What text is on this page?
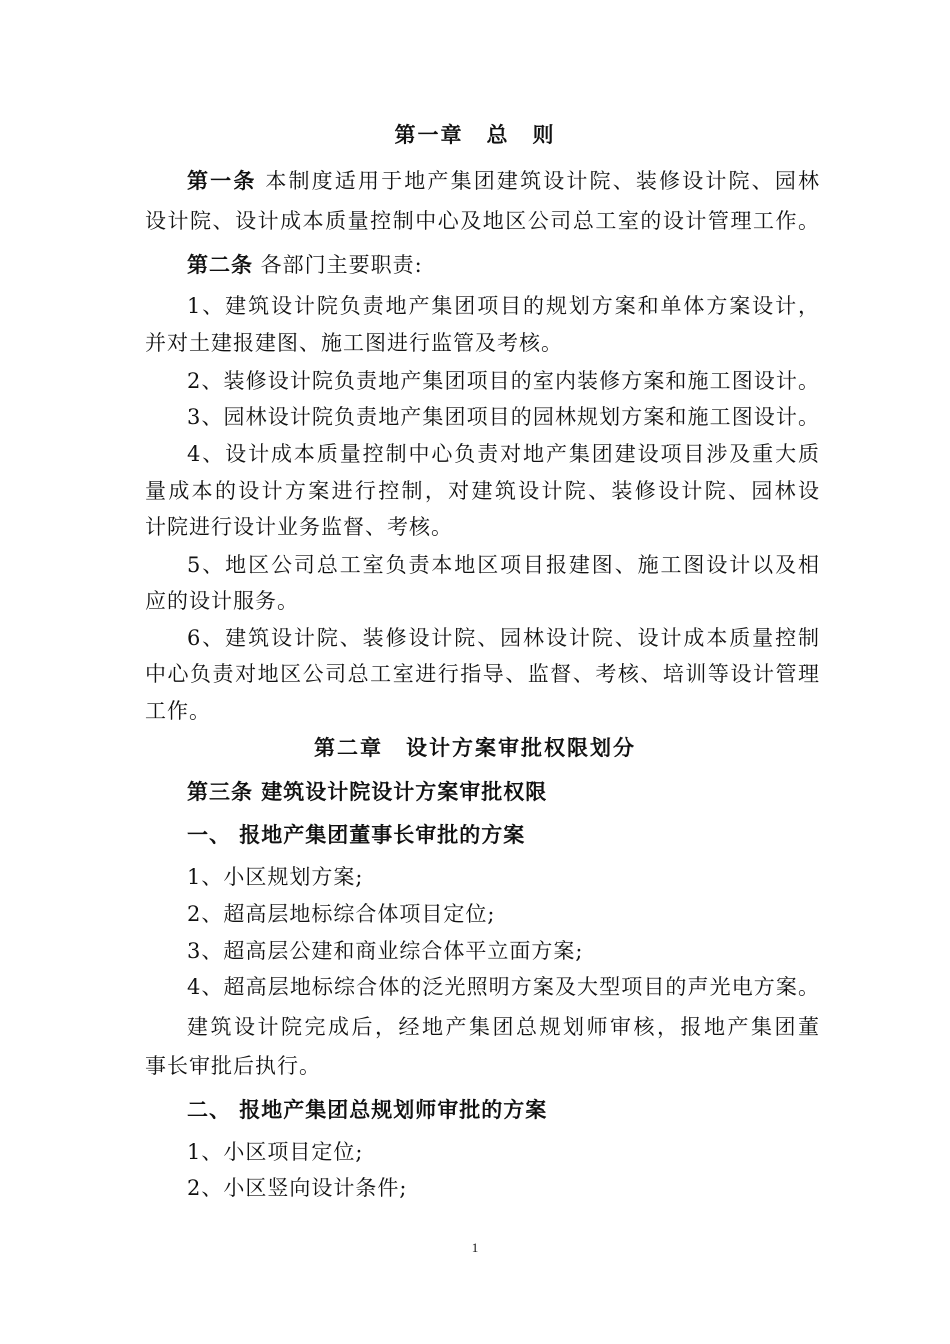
第一章　总　则
第一条 本制度适用于地产集团建筑设计院、装修设计院、园林
设计院、设计成本质量控制中心及地区公司总工室的设计管理工作。
第二条 各部门主要职责:
1、建筑设计院负责地产集团项目的规划方案和单体方案设计，
并对土建报建图、施工图进行监管及考核。
2、装修设计院负责地产集团项目的室内装修方案和施工图设计。
3、园林设计院负责地产集团项目的园林规划方案和施工图设计。
4、设计成本质量控制中心负责对地产集团建设项目涉及重大质
量成本的设计方案进行控制，对建筑设计院、装修设计院、园林设
计院进行设计业务监督、考核。
5、地区公司总工室负责本地区项目报建图、施工图设计以及相
应的设计服务。
6、建筑设计院、装修设计院、园林设计院、设计成本质量控制
中心负责对地区公司总工室进行指导、监督、考核、培训等设计管理
工作。
第二章　设计方案审批权限划分
第三条 建筑设计院设计方案审批权限
一、 报地产集团董事长审批的方案
1、小区规划方案;
2、超高层地标综合体项目定位;
3、超高层公建和商业综合体平立面方案;
4、超高层地标综合体的泛光照明方案及大型项目的声光电方案。
建筑设计院完成后，经地产集团总规划师审核，报地产集团董
事长审批后执行。
二、 报地产集团总规划师审批的方案
1、小区项目定位;
2、小区竖向设计条件;
1
